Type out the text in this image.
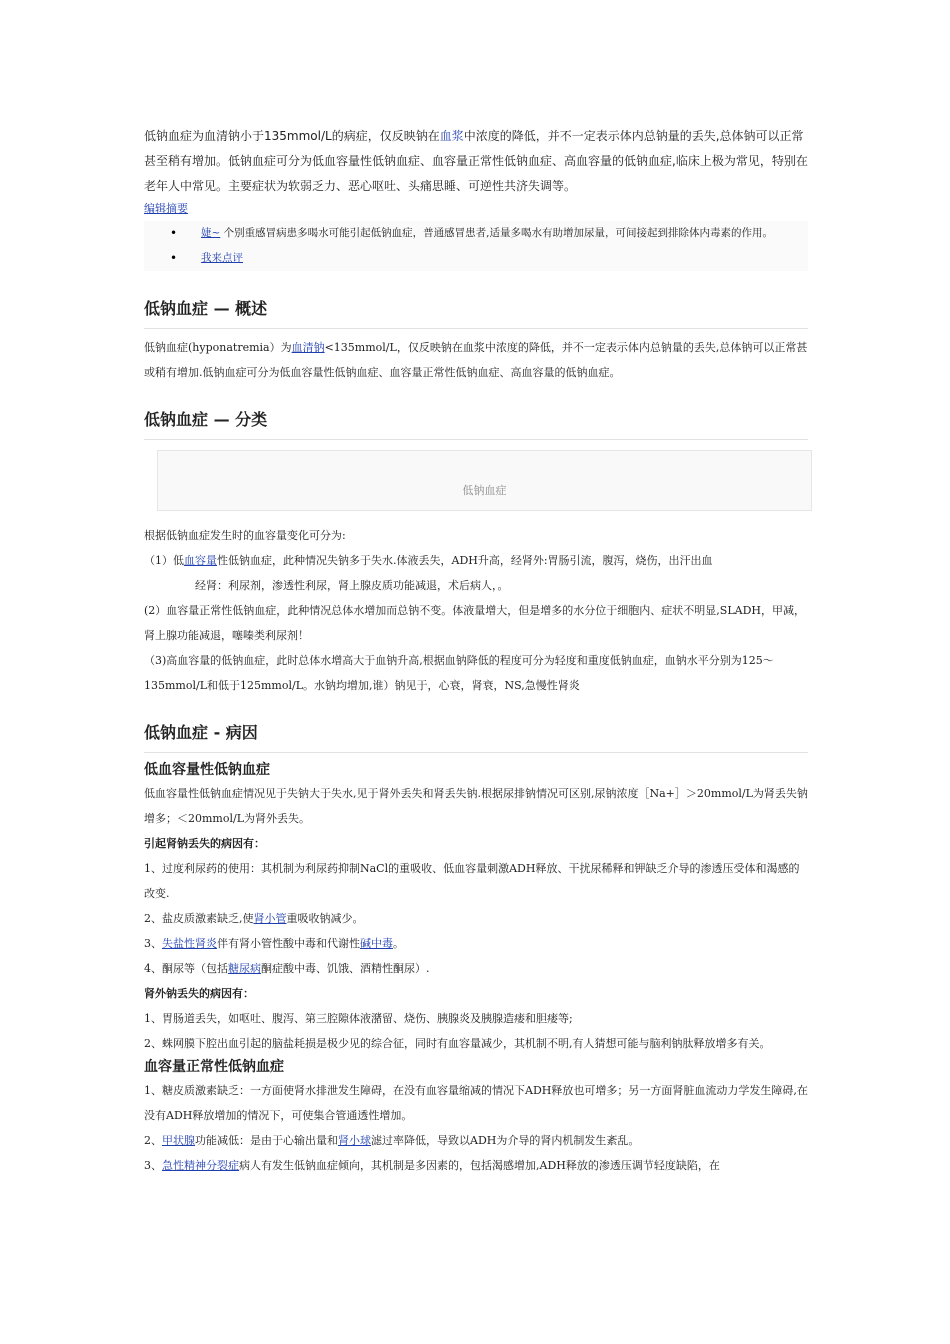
低钠血症为血清钠小于135mmol/L的病症，仅反映钠在血浆中浓度的降低，并不一定表示体内总钠量的丢失,总体钠可以正常甚至稍有增加。低钠血症可分为低血容量性低钠血症、血容量正常性低钠血症、高血容量的低钠血症,临床上极为常见，特别在老年人中常见。主要症状为软弱乏力、恶心呕吐、头痛思睡、可逆性共济失调等。

编辑摘要
• 婕~ 个别重感冒病患多喝水可能引起低钠血症，普通感冒患者,适量多喝水有助增加尿量，可间接起到排除体内毒素的作用。
• 我来点评
低钠血症 — 概述

低钠血症(hyponatremia）为血清钠<135mmol/L，仅反映钠在血浆中浓度的降低，并不一定表示体内总钠量的丢失,总体钠可以正常甚或稍有增加.低钠血症可分为低血容量性低钠血症、血容量正常性低钠血症、高血容量的低钠血症。

低钠血症 — 分类
低钠血症

根据低钠血症发生时的血容量变化可分为:

（1）低血容量性低钠血症，此种情况失钠多于失水.体液丢失，ADH升高，经肾外:胃肠引流，腹泻，烧伤，出汗出血

经肾：利尿剂，渗透性利尿，肾上腺皮质功能减退，术后病人，。

(2）血容量正常性低钠血症，此种情况总体水增加而总钠不变。体液量增大，但是增多的水分位于细胞内、症状不明显,SLADH，甲减，肾上腺功能减退，噻嗪类利尿剂！

（3)高血容量的低钠血症，此时总体水增高大于血钠升高,根据血钠降低的程度可分为轻度和重度低钠血症，血钠水平分别为125～135mmol/L和低于125mmol/L。水钠均增加,谁）钠见于，心衰，肾衰，NS,急慢性肾炎

低钠血症 - 病因
低血容量性低钠血症

低血容量性低钠血症情况见于失钠大于失水,见于肾外丢失和肾丢失钠.根据尿排钠情况可区别,尿钠浓度［Na+］＞20mmol/L为肾丢失钠增多；＜20mmol/L为肾外丢失。

引起肾钠丢失的病因有：

1、过度利尿药的使用：其机制为利尿药抑制NaCl的重吸收、低血容量刺激ADH释放、干扰尿稀释和钾缺乏介导的渗透压受体和渴感的改变.

2、盐皮质激素缺乏,使肾小管重吸收钠减少。

3、失盐性肾炎伴有肾小管性酸中毒和代谢性碱中毒。

4、酮尿等（包括糖尿病酮症酸中毒、饥饿、酒精性酮尿）.

肾外钠丢失的病因有：

1、胃肠道丢失，如呕吐、腹泻、第三腔隙体液潴留、烧伤、胰腺炎及胰腺造瘘和胆瘘等;

2、蛛网膜下腔出血引起的脑盐耗损是极少见的综合征，同时有血容量减少，其机制不明,有人猜想可能与脑利钠肽释放增多有关。

血容量正常性低钠血症

1、糖皮质激素缺乏：一方面使肾水排泄发生障碍，在没有血容量缩减的情况下ADH释放也可增多；另一方面肾脏血流动力学发生障碍,在没有ADH释放增加的情况下，可使集合管通透性增加。

2、甲状腺功能减低：是由于心输出量和肾小球滤过率降低，导致以ADH为介导的肾内机制发生紊乱。

3、急性精神分裂症病人有发生低钠血症倾向，其机制是多因素的，包括渴感增加,ADH释放的渗透压调节轻度缺陷，在
